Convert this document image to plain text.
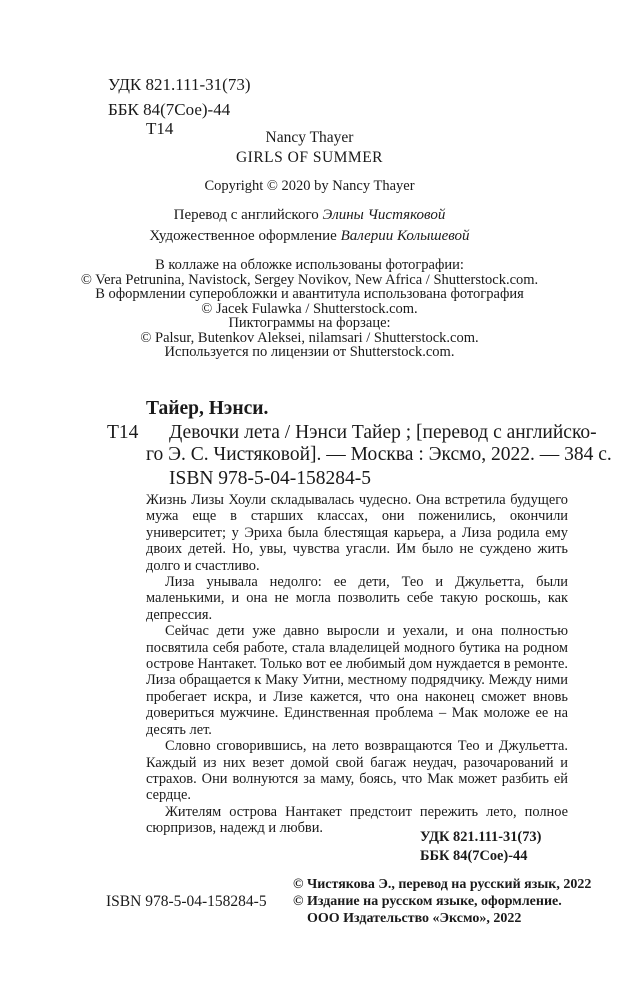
УДК 821.111-31(73)
ББК 84(7Сое)-44
Т14	Nancy Thayer
GIRLS OF SUMMER
Copyright © 2020 by Nancy Thayer
Перевод с английского Элины Чистяковой
Художественное оформление Валерии Колышевой
В коллаже на обложке использованы фотографии:
© Vera Petrunina, Navistock, Sergey Novikov, New Africa / Shutterstock.com.
В оформлении суперобложки и авантитула использована фотография
© Jacek Fulawka / Shutterstock.com.
Пиктограммы на форзаце:
© Palsur, Butenkov Aleksei, nilamsari / Shutterstock.com.
Используется по лицензии от Shutterstock.com.
Тайер, Нэнси.
Т14 Девочки лета / Нэнси Тайер ; [перевод с английско-
го Э. С. Чистяковой]. — Москва : Эксмо, 2022. — 384 с.
ISBN 978-5-04-158284-5

Жизнь Лизы Хоули складывалась чудесно. Она встретила будущего мужа еще в старших классах, они поженились, окончили университет; у Эриха была блестящая карьера, а Лиза родила ему двоих детей. Но, увы, чувства угасли. Им было не суждено жить долго и счастливо.

Лиза унывала недолго: ее дети, Тео и Джульетта, были маленькими, и она не могла позволить себе такую роскошь, как депрессия.

Сейчас дети уже давно выросли и уехали, и она полностью посвятила себя работе, стала владелицей модного бутика на родном острове Нантакет. Только вот ее любимый дом нуждается в ремонте. Лиза обращается к Маку Уитни, местному подрядчику. Между ними пробегает искра, и Лизе кажется, что она наконец сможет вновь довериться мужчине. Единственная проблема – Мак моложе ее на десять лет.

Словно сговорившись, на лето возвращаются Тео и Джульетта. Каждый из них везет домой свой багаж неудач, разочарований и страхов. Они волнуются за маму, боясь, что Мак может разбить ей сердце.

Жителям острова Нантакет предстоит пережить лето, полное сюрпризов, надежд и любви.

УДК 821.111-31(73)
ББК 84(7Сое)-44
ISBN 978-5-04-158284-5
© Чистякова Э., перевод на русский язык, 2022
© Издание на русском языке, оформление.
ООО Издательство «Эксмо», 2022
